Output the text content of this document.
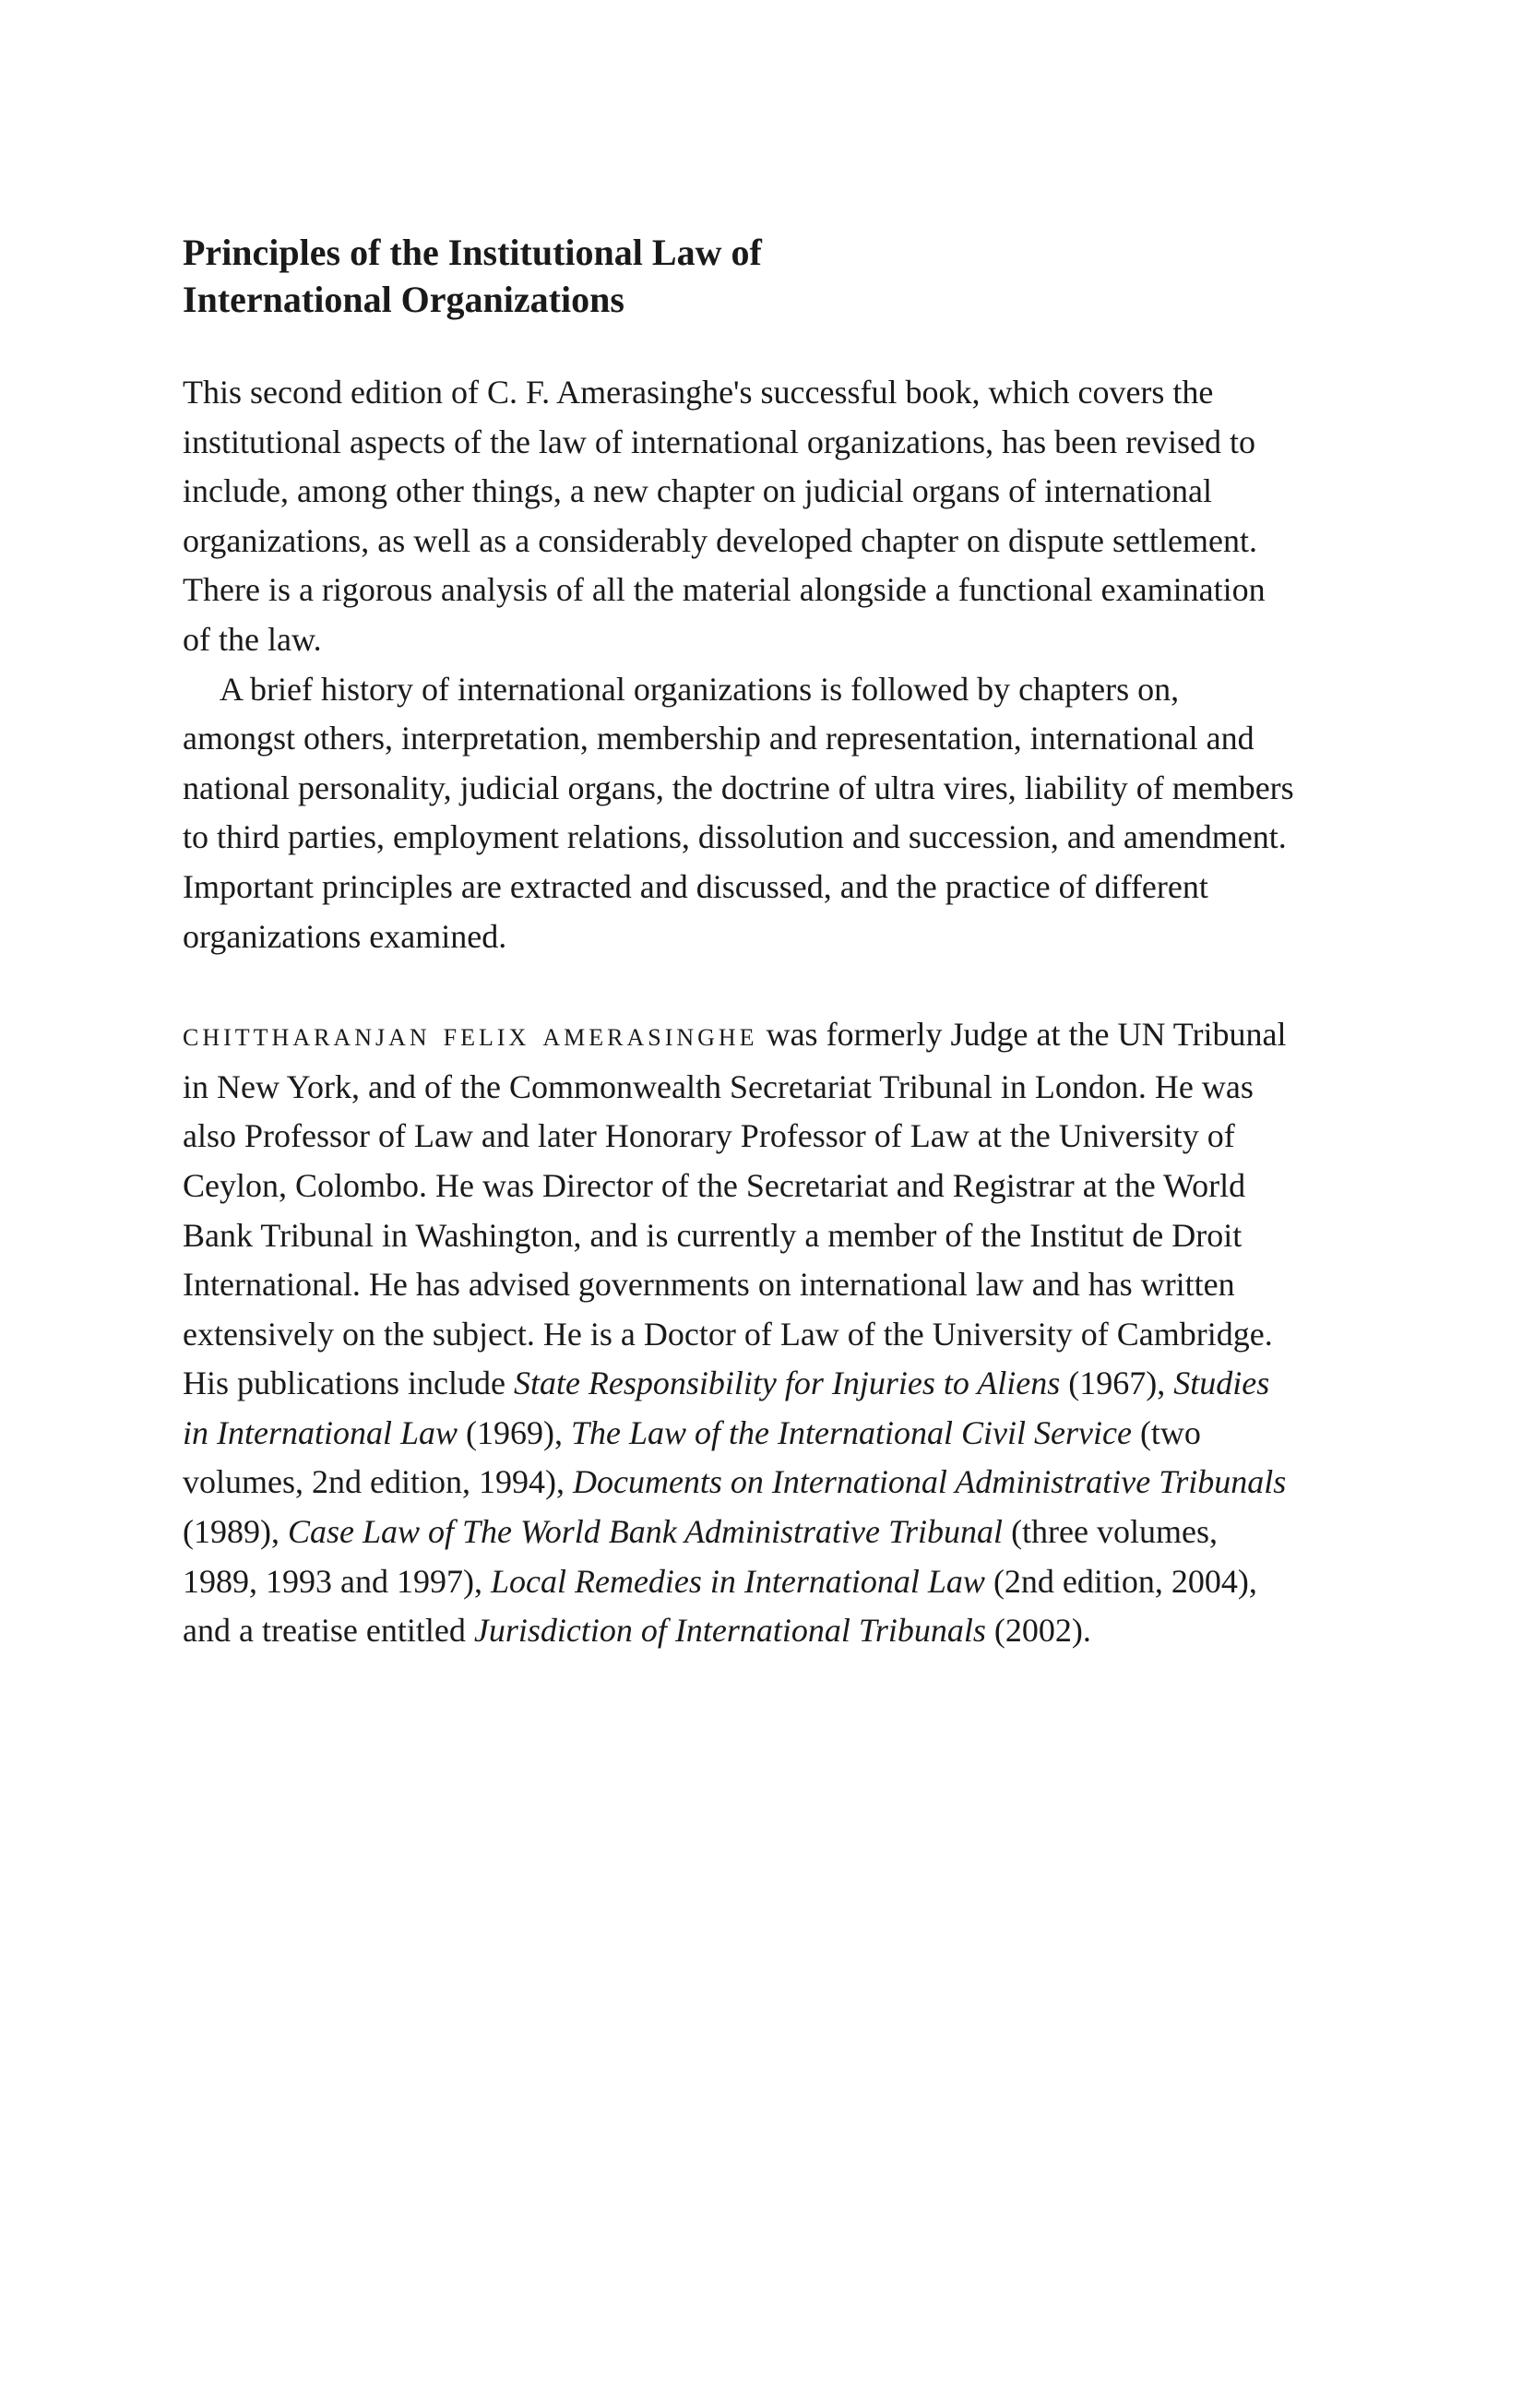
Principles of the Institutional Law of
International Organizations

This second edition of C. F. Amerasinghe's successful book, which covers the institutional aspects of the law of international organizations, has been revised to include, among other things, a new chapter on judicial organs of international organizations, as well as a considerably developed chapter on dispute settlement. There is a rigorous analysis of all the material alongside a functional examination of the law.

A brief history of international organizations is followed by chapters on, amongst others, interpretation, membership and representation, international and national personality, judicial organs, the doctrine of ultra vires, liability of members to third parties, employment relations, dissolution and succession, and amendment. Important principles are extracted and discussed, and the practice of different organizations examined.

CHITTHARANJAN FELIX AMERASINGHE was formerly Judge at the UN Tribunal in New York, and of the Commonwealth Secretariat Tribunal in London. He was also Professor of Law and later Honorary Professor of Law at the University of Ceylon, Colombo. He was Director of the Secretariat and Registrar at the World Bank Tribunal in Washington, and is currently a member of the Institut de Droit International. He has advised governments on international law and has written extensively on the subject. He is a Doctor of Law of the University of Cambridge. His publications include State Responsibility for Injuries to Aliens (1967), Studies in International Law (1969), The Law of the International Civil Service (two volumes, 2nd edition, 1994), Documents on International Administrative Tribunals (1989), Case Law of The World Bank Administrative Tribunal (three volumes, 1989, 1993 and 1997), Local Remedies in International Law (2nd edition, 2004), and a treatise entitled Jurisdiction of International Tribunals (2002).
